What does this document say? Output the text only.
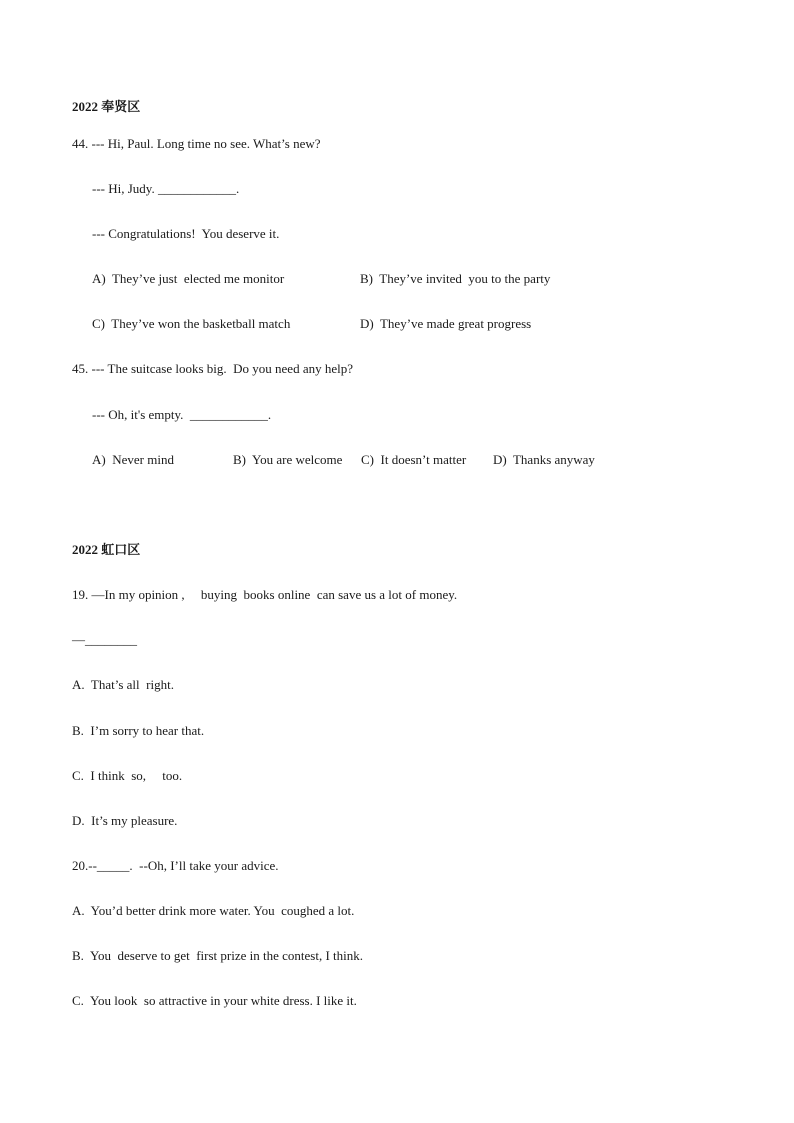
2022 奉贤区
44. --- Hi, Paul. Long time no see. What’s new?
--- Hi, Judy. ____________.
--- Congratulations!  You deserve it.
A)  They’ve just  elected me monitor	B)  They’ve invited  you to the party
C)  They’ve won the basketball match	D)  They’ve made great progress
45. --- The suitcase looks big.  Do you need any help?
--- Oh, it's empty.  ____________.
A)  Never mind	B)  You are welcome C)  It doesn’t matter D)  Thanks anyway
2022 虹口区
19. —In my opinion ,     buying  books online  can save us a lot of money.
—________
A.  That’s all  right.
B.  I’m sorry to hear that.
C.  I think  so,     too.
D.  It’s my pleasure.
20.--_____.  --Oh, I’ll take your advice.
A.  You’d better drink more water. You  coughed a lot.
B.  You  deserve to get  first prize in the contest, I think.
C.  You look  so attractive in your white dress. I like it.
